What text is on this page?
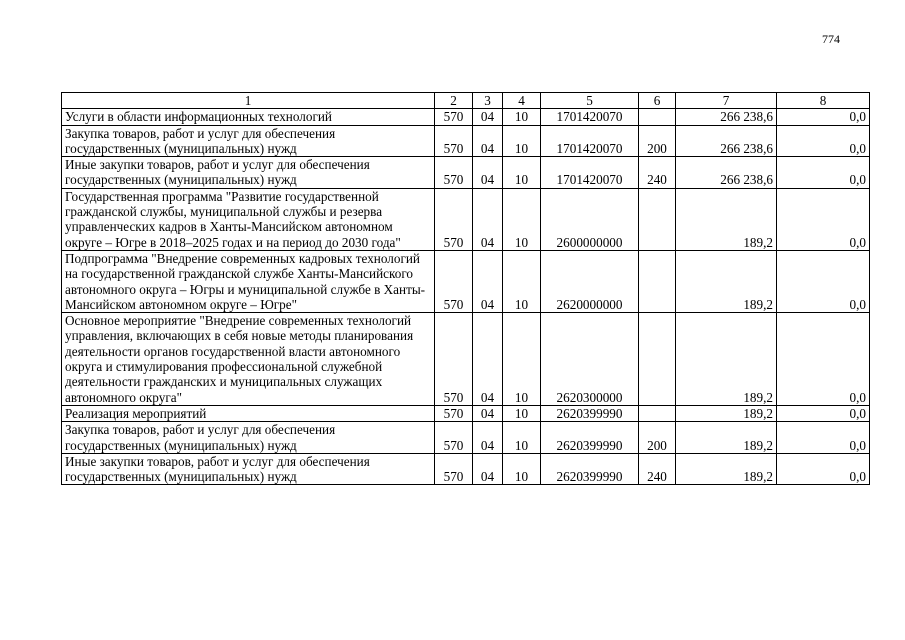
774
1	2	3	4	5	6	7	8
Услуги в области информационных технологий	570	04	10	1701420070		266 238,6	0,0
Закупка товаров, работ и услуг для обеспечения государственных (муниципальных) нужд	570	04	10	1701420070	200	266 238,6	0,0
Иные закупки товаров, работ и услуг для обеспечения государственных (муниципальных) нужд	570	04	10	1701420070	240	266 238,6	0,0
Государственная программа "Развитие государственной гражданской службы, муниципальной службы и резерва управленческих кадров в Ханты-Мансийском автономном округе – Югре в 2018–2025 годах и на период до 2030 года"	570	04	10	2600000000		189,2	0,0
Подпрограмма "Внедрение современных кадровых технологий на государственной гражданской службе Ханты-Мансийского автономного округа – Югры и муниципальной службе в Ханты-Мансийском автономном округе – Югре"	570	04	10	2620000000		189,2	0,0
Основное мероприятие "Внедрение современных технологий управления, включающих в себя новые методы планирования деятельности органов государственной власти автономного округа и стимулирования профессиональной служебной деятельности гражданских и муниципальных служащих автономного округа"	570	04	10	2620300000		189,2	0,0
Реализация мероприятий	570	04	10	2620399990		189,2	0,0
Закупка товаров, работ и услуг для обеспечения государственных (муниципальных) нужд	570	04	10	2620399990	200	189,2	0,0
Иные закупки товаров, работ и услуг для обеспечения государственных (муниципальных) нужд	570	04	10	2620399990	240	189,2	0,0
